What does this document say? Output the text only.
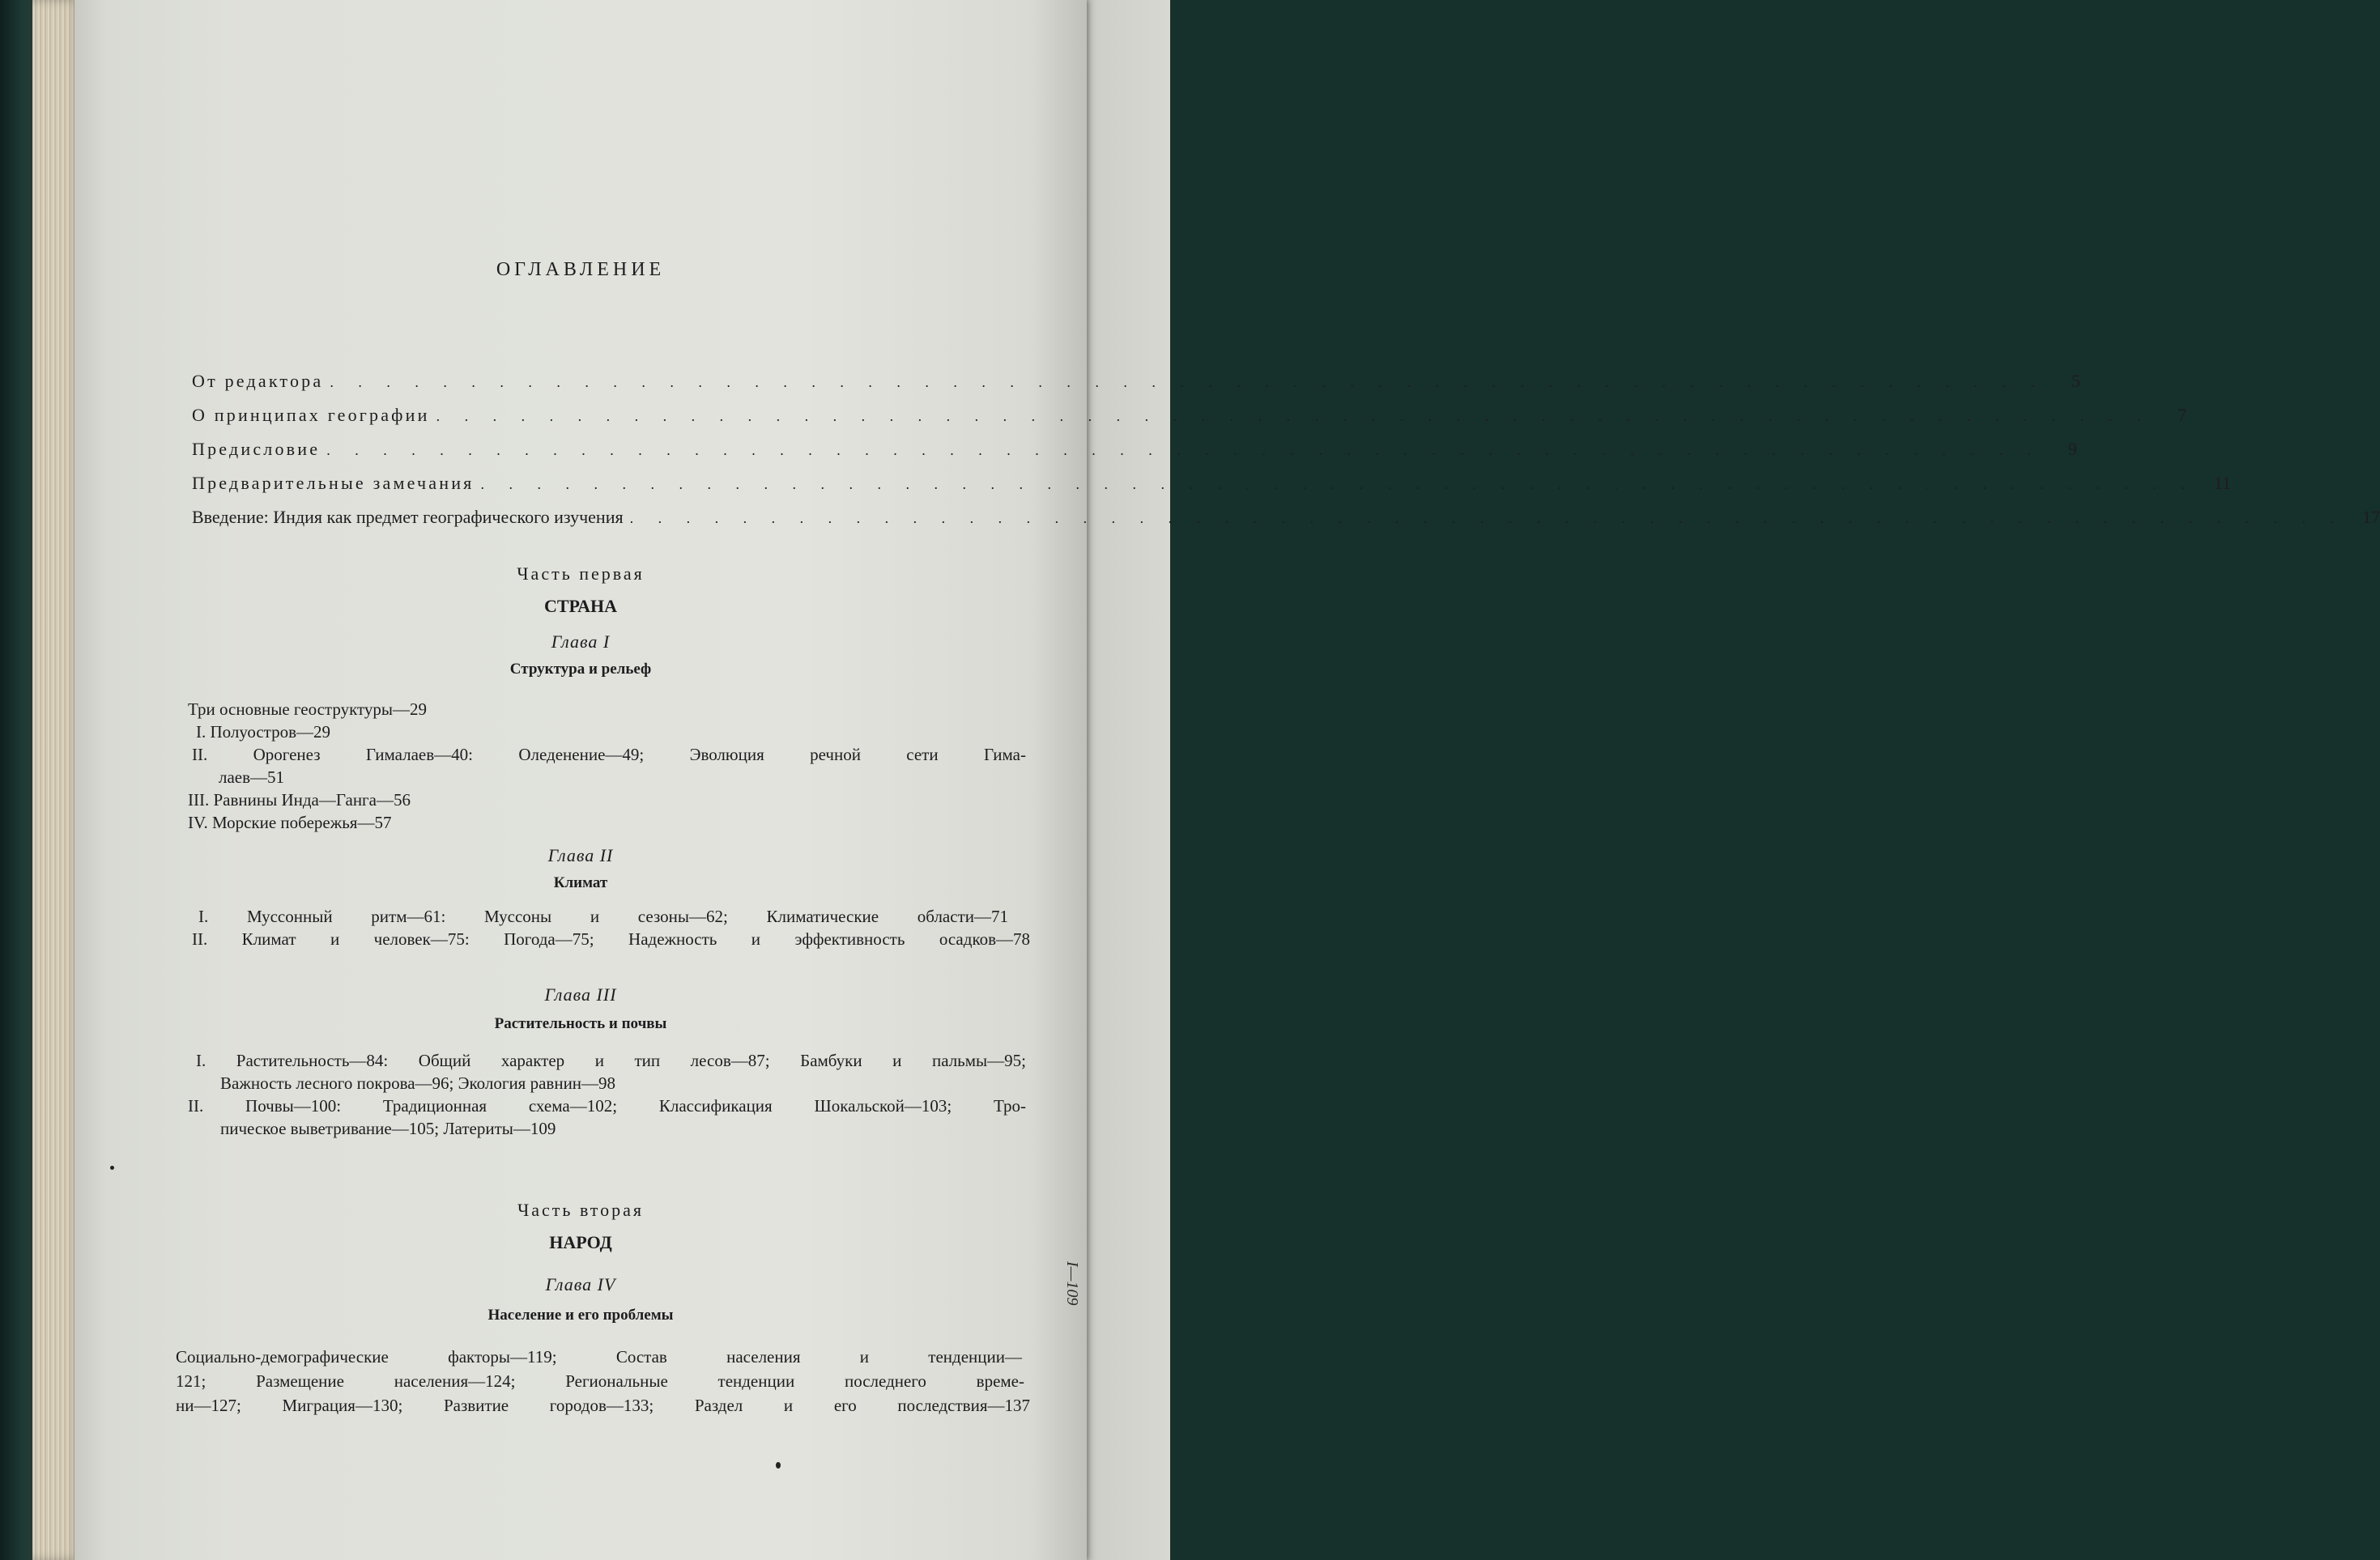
ОГЛАВЛЕНИЕ
От редактора . . . . . . . . . . . . . . . . . . . . . . . . . . . . . . . . . . . . . . . . . . . . . . . . . . . . . . . . . . . . .	5
О принципах географии . . . . . . . . . . . . . . . . . . . . . . . . . . . . . . . . . . . . . . . . . . . . . . . . . . . . . . . . . . . . .	7
Предисловие . . . . . . . . . . . . . . . . . . . . . . . . . . . . . . . . . . . . . . . . . . . . . . . . . . . . . . . . . . . . .	9
Предварительные замечания . . . . . . . . . . . . . . . . . . . . . . . . . . . . . . . . . . . . . . . . . . . . . . . . . . . . . . . . . . . . .	11
Введение: Индия как предмет географического изучения . . . . . . . . . . . . . . . . . . . . . . . . . . . . . . . . . . . . . . . . . . . . . . . . . . . . . . . . . . . . .	17
Часть первая
СТРАНА
Глава I
Структура и рельеф
Три основные геоструктуры—29
I. Полуостров—29
II. Орогенез Гималаев—40: Оледенение—49; Эволюция речной сети Гима-
лаев—51
III. Равнины Инда—Ганга—56
IV. Морские побережья—57
Глава II
Климат
I. Муссонный ритм—61: Муссоны и сезоны—62; Климатические области—71
II. Климат и человек—75: Погода—75; Надежность и эффективность осадков—78
Глава III
Растительность и почвы
I. Растительность—84: Общий характер и тип лесов—87; Бамбуки и пальмы—95;
Важность лесного покрова—96; Экология равнин—98
II. Почвы—100: Традиционная схема—102; Классификация Шокальской—103; Тро-
пическое выветривание—105; Латериты—109
Часть вторая
НАРОД
Глава IV
Население и его проблемы
Социально-демографические факторы—119; Состав населения и тенденции—
121; Размещение населения—124; Региональные тенденции последнего време-
ни—127; Миграция—130; Развитие городов—133; Раздел и его последствия—137
I—109
